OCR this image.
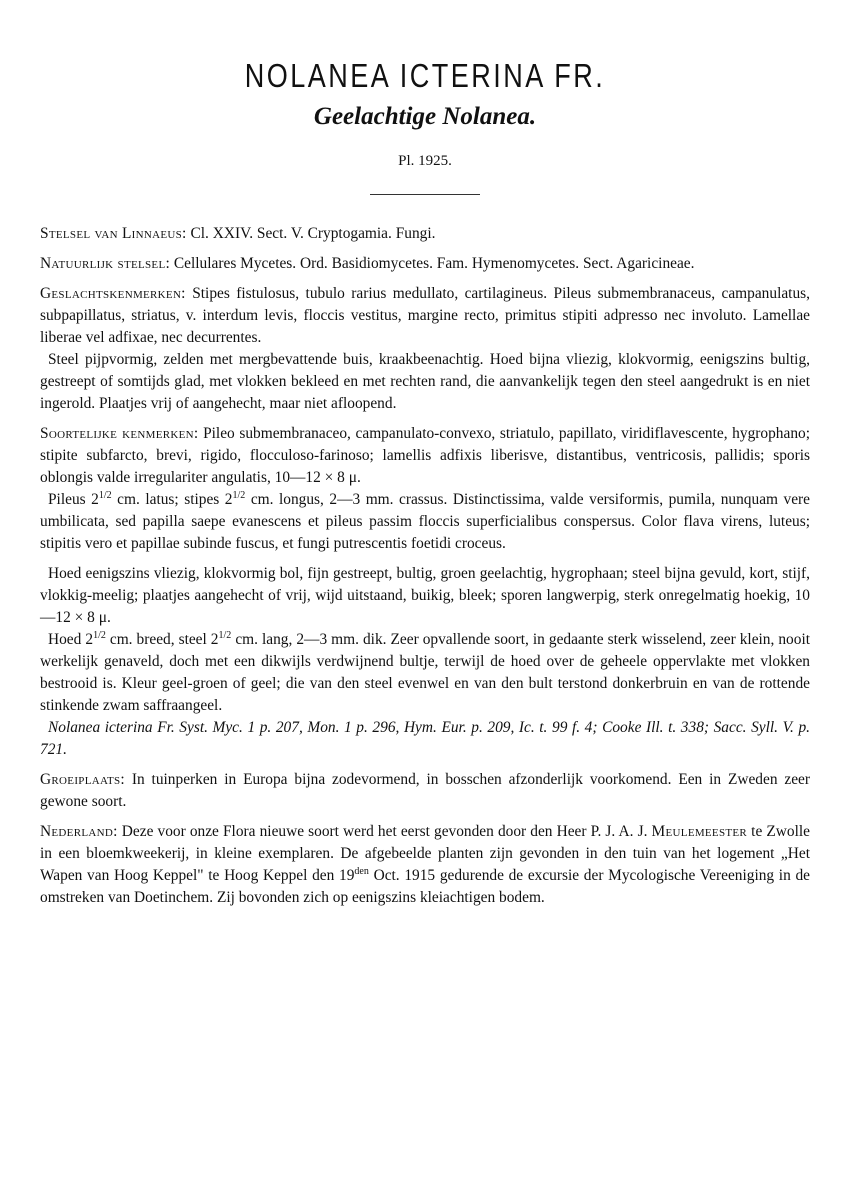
NOLANEA ICTERINA FR.
Geelachtige Nolanea.
Pl. 1925.

Stelsel van Linnaeus: Cl. XXIV. Sect. V. Cryptogamia. Fungi.

Natuurlijk stelsel: Cellulares Mycetes. Ord. Basidiomycetes. Fam. Hymenomycetes. Sect. Agaricineae.

Geslachtskenmerken: Stipes fistulosus, tubulo rarius medullato, cartilagineus. Pileus submembranaceus, campanulatus, subpapillatus, striatus, v. interdum levis, floccis vestitus, margine recto, primitus stipiti adpresso nec involuto. Lamellae liberae vel adfixae, nec decurrentes.

Steel pijpvormig, zelden met mergbevattende buis, kraakbeenachtig. Hoed bijna vliezig, klokvormig, eenigszins bultig, gestreept of somtijds glad, met vlokken bekleed en met rechten rand, die aanvankelijk tegen den steel aangedrukt is en niet ingerold. Plaatjes vrij of aangehecht, maar niet afloopend.

Soortelijke kenmerken: Pileo submembranaceo, campanulato-convexo, striatulo, papillato, viridiflavescente, hygrophano; stipite subfarcto, brevi, rigido, flocculoso-farinoso; lamellis adfixis liberisve, distantibus, ventricosis, pallidis; sporis oblongis valde irregulariter angulatis, 10—12 × 8 μ.

Pileus $2^{1/2}$ cm. latus; stipes $2^{1/2}$ cm. longus, 2—3 mm. crassus. Distinctissima, valde versiformis, pumila, nunquam vere umbilicata, sed papilla saepe evanescens et pileus passim floccis superficialibus conspersus. Color flava virens, luteus; stipitis vero et papillae subinde fuscus, et fungi putrescentis foetidi croceus.

Hoed eenigszins vliezig, klokvormig bol, fijn gestreept, bultig, groen geelachtig, hygrophaan; steel bijna gevuld, kort, stijf, vlokkig-meelig; plaatjes aangehecht of vrij, wijd uitstaand, buikig, bleek; sporen langwerpig, sterk onregelmatig hoekig, 10—12 × 8 μ.

Hoed $2^{1/2}$ cm. breed, steel $2^{1/2}$ cm. lang, 2—3 mm. dik. Zeer opvallende soort, in gedaante sterk wisselend, zeer klein, nooit werkelijk genaveld, doch met een dikwijls verdwijnend bultje, terwijl de hoed over de geheele oppervlakte met vlokken bestrooid is. Kleur geel-groen of geel; die van den steel evenwel en van den bult terstond donkerbruin en van de rottende stinkende zwam saffraangeel.

Nolanea icterina Fr. Syst. Myc. 1 p. 207, Mon. 1 p. 296, Hym. Eur. p. 209, Ic. t. 99 f. 4; Cooke Ill. t. 338; Sacc. Syll. V. p. 721.

Groeiplaats: In tuinperken in Europa bijna zodevormend, in bosschen afzonderlijk voorkomend. Een in Zweden zeer gewone soort.

Nederland: Deze voor onze Flora nieuwe soort werd het eerst gevonden door den Heer P. J. A. J. Meulemeester te Zwolle in een bloemkweekerij, in kleine exemplaren. De afgebeelde planten zijn gevonden in den tuin van het logement „Het Wapen van Hoog Keppel" te Hoog Keppel den $19^{den}$ Oct. 1915 gedurende de excursie der Mycologische Vereeniging in de omstreken van Doetinchem. Zij bovonden zich op eenigszins kleiachtigen bodem.
